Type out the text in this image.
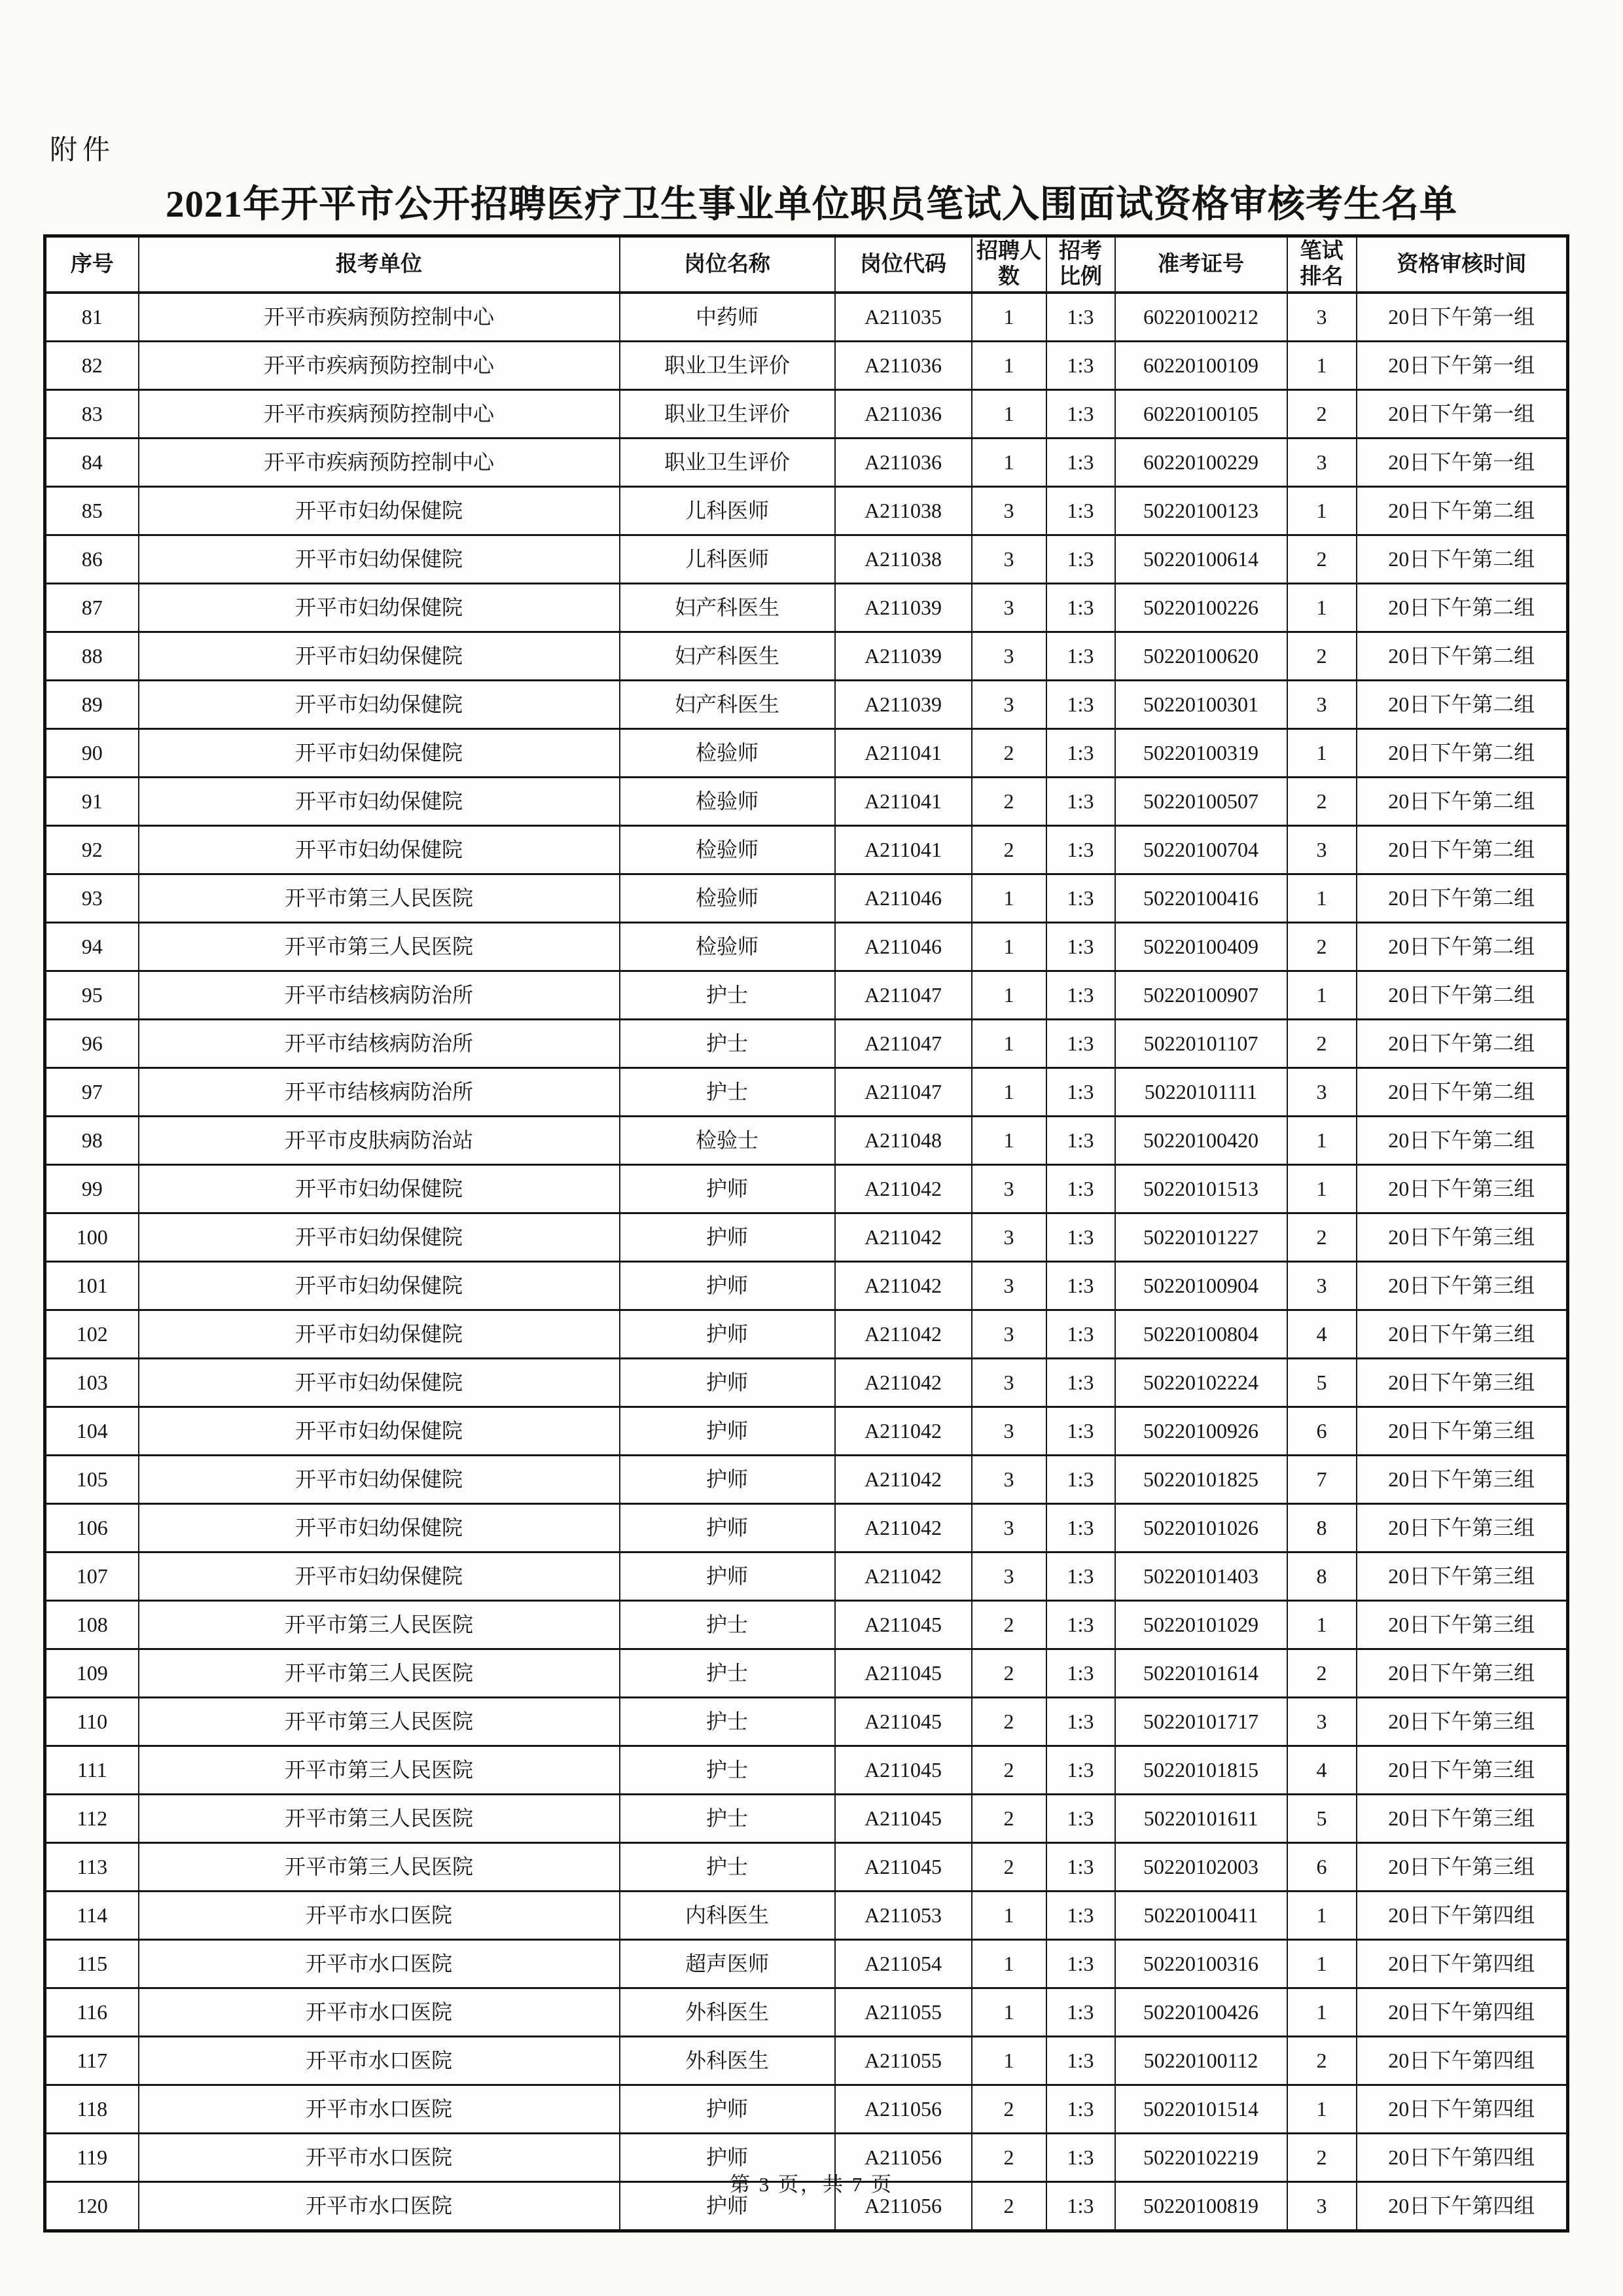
附件
2021年开平市公开招聘医疗卫生事业单位职员笔试入围面试资格审核考生名单
序号	报考单位	岗位名称	岗位代码	招聘人数	招考比例	准考证号	笔试排名	资格审核时间
81	开平市疾病预防控制中心	中药师	A211035	1	1:3	60220100212	3	20日下午第一组
82	开平市疾病预防控制中心	职业卫生评价	A211036	1	1:3	60220100109	1	20日下午第一组
83	开平市疾病预防控制中心	职业卫生评价	A211036	1	1:3	60220100105	2	20日下午第一组
84	开平市疾病预防控制中心	职业卫生评价	A211036	1	1:3	60220100229	3	20日下午第一组
85	开平市妇幼保健院	儿科医师	A211038	3	1:3	50220100123	1	20日下午第二组
86	开平市妇幼保健院	儿科医师	A211038	3	1:3	50220100614	2	20日下午第二组
87	开平市妇幼保健院	妇产科医生	A211039	3	1:3	50220100226	1	20日下午第二组
88	开平市妇幼保健院	妇产科医生	A211039	3	1:3	50220100620	2	20日下午第二组
89	开平市妇幼保健院	妇产科医生	A211039	3	1:3	50220100301	3	20日下午第二组
90	开平市妇幼保健院	检验师	A211041	2	1:3	50220100319	1	20日下午第二组
91	开平市妇幼保健院	检验师	A211041	2	1:3	50220100507	2	20日下午第二组
92	开平市妇幼保健院	检验师	A211041	2	1:3	50220100704	3	20日下午第二组
93	开平市第三人民医院	检验师	A211046	1	1:3	50220100416	1	20日下午第二组
94	开平市第三人民医院	检验师	A211046	1	1:3	50220100409	2	20日下午第二组
95	开平市结核病防治所	护士	A211047	1	1:3	50220100907	1	20日下午第二组
96	开平市结核病防治所	护士	A211047	1	1:3	50220101107	2	20日下午第二组
97	开平市结核病防治所	护士	A211047	1	1:3	50220101111	3	20日下午第二组
98	开平市皮肤病防治站	检验士	A211048	1	1:3	50220100420	1	20日下午第二组
99	开平市妇幼保健院	护师	A211042	3	1:3	50220101513	1	20日下午第三组
100	开平市妇幼保健院	护师	A211042	3	1:3	50220101227	2	20日下午第三组
101	开平市妇幼保健院	护师	A211042	3	1:3	50220100904	3	20日下午第三组
102	开平市妇幼保健院	护师	A211042	3	1:3	50220100804	4	20日下午第三组
103	开平市妇幼保健院	护师	A211042	3	1:3	50220102224	5	20日下午第三组
104	开平市妇幼保健院	护师	A211042	3	1:3	50220100926	6	20日下午第三组
105	开平市妇幼保健院	护师	A211042	3	1:3	50220101825	7	20日下午第三组
106	开平市妇幼保健院	护师	A211042	3	1:3	50220101026	8	20日下午第三组
107	开平市妇幼保健院	护师	A211042	3	1:3	50220101403	8	20日下午第三组
108	开平市第三人民医院	护士	A211045	2	1:3	50220101029	1	20日下午第三组
109	开平市第三人民医院	护士	A211045	2	1:3	50220101614	2	20日下午第三组
110	开平市第三人民医院	护士	A211045	2	1:3	50220101717	3	20日下午第三组
111	开平市第三人民医院	护士	A211045	2	1:3	50220101815	4	20日下午第三组
112	开平市第三人民医院	护士	A211045	2	1:3	50220101611	5	20日下午第三组
113	开平市第三人民医院	护士	A211045	2	1:3	50220102003	6	20日下午第三组
114	开平市水口医院	内科医生	A211053	1	1:3	50220100411	1	20日下午第四组
115	开平市水口医院	超声医师	A211054	1	1:3	50220100316	1	20日下午第四组
116	开平市水口医院	外科医生	A211055	1	1:3	50220100426	1	20日下午第四组
117	开平市水口医院	外科医生	A211055	1	1:3	50220100112	2	20日下午第四组
118	开平市水口医院	护师	A211056	2	1:3	50220101514	1	20日下午第四组
119	开平市水口医院	护师	A211056	2	1:3	50220102219	2	20日下午第四组
120	开平市水口医院	护师	A211056	2	1:3	50220100819	3	20日下午第四组
第 3 页，共 7 页
